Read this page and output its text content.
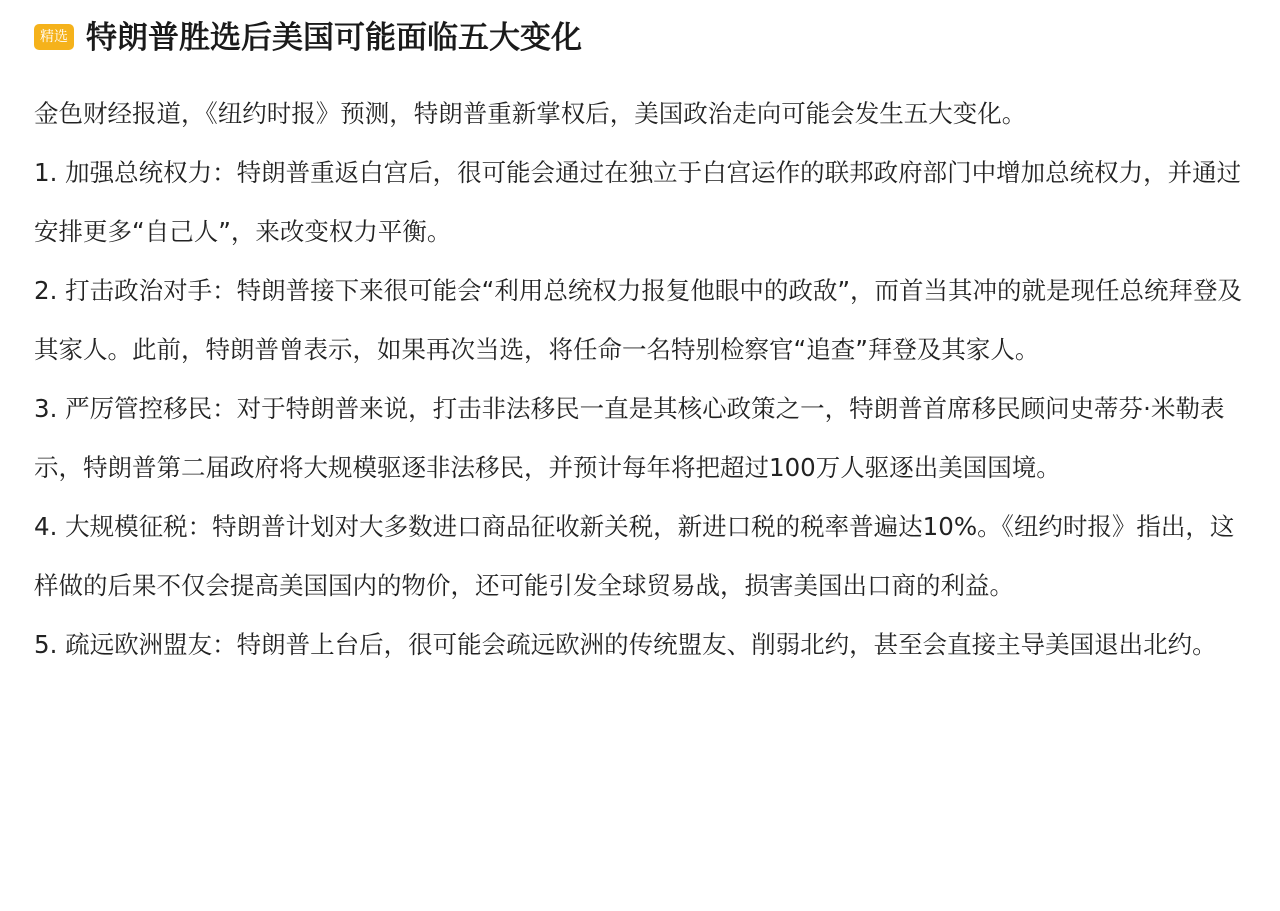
精选 特朗普胜选后美国可能面临五大变化

金色财经报道，《纽约时报》预测，特朗普重新掌权后，美国政治走向可能会发生五大变化。

1. 加强总统权力：特朗普重返白宫后，很可能会通过在独立于白宫运作的联邦政府部门中增加总统权力，并通过安排更多“自己人”，来改变权力平衡。

2. 打击政治对手：特朗普接下来很可能会“利用总统权力报复他眼中的政敌”，而首当其冲的就是现任总统拜登及其家人。此前，特朗普曾表示，如果再次当选，将任命一名特别检察官“追查”拜登及其家人。

3. 严厉管控移民：对于特朗普来说，打击非法移民一直是其核心政策之一，特朗普首席移民顾问史蒂芬·米勒表示，特朗普第二届政府将大规模驱逐非法移民，并预计每年将把超过100万人驱逐出美国国境。

4. 大规模征税：特朗普计划对大多数进口商品征收新关税，新进口税的税率普遍达10%。《纽约时报》指出，这样做的后果不仅会提高美国国内的物价，还可能引发全球贸易战，损害美国出口商的利益。

5. 疏远欧洲盟友：特朗普上台后，很可能会疏远欧洲的传统盟友、削弱北约，甚至会直接主导美国退出北约。
